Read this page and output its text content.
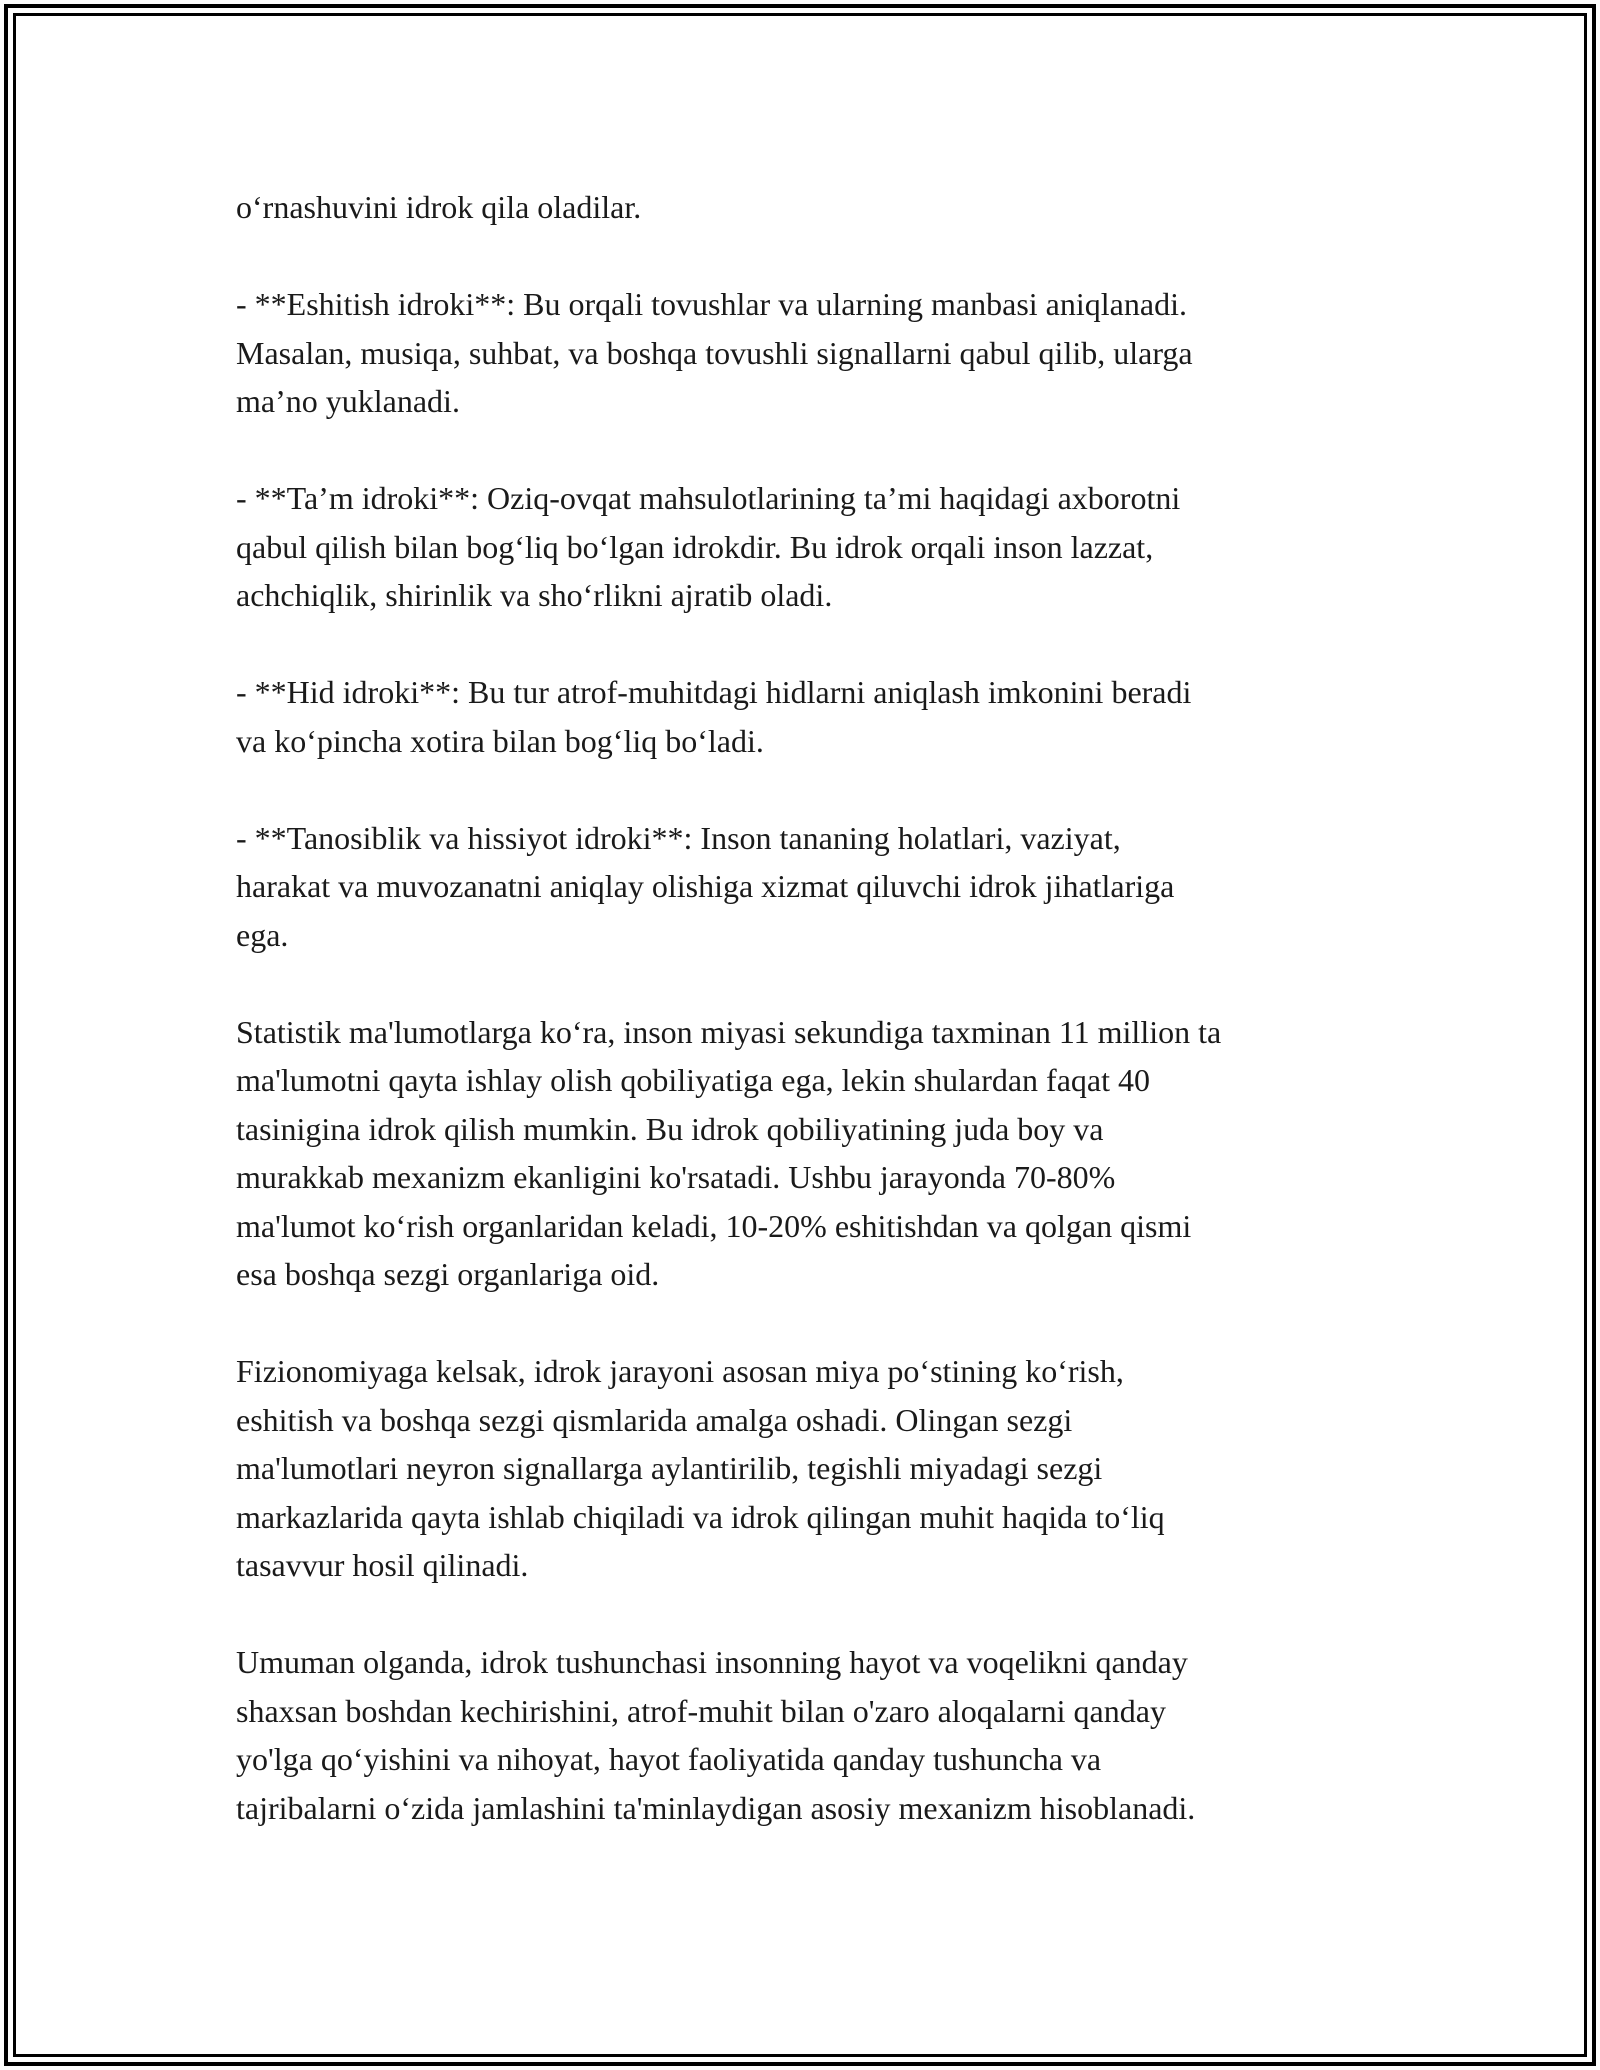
o‘rnashuvini idrok qila oladilar.

- **Eshitish idroki**: Bu orqali tovushlar va ularning manbasi aniqlanadi.
Masalan, musiqa, suhbat, va boshqa tovushli signallarni qabul qilib, ularga
ma’no yuklanadi.

- **Ta’m idroki**: Oziq-ovqat mahsulotlarining ta’mi haqidagi axborotni
qabul qilish bilan bog‘liq bo‘lgan idrokdir. Bu idrok orqali inson lazzat,
achchiqlik, shirinlik va sho‘rlikni ajratib oladi.

- **Hid idroki**: Bu tur atrof-muhitdagi hidlarni aniqlash imkonini beradi
va ko‘pincha xotira bilan bog‘liq bo‘ladi.

- **Tanosiblik va hissiyot idroki**: Inson tananing holatlari, vaziyat,
harakat va muvozanatni aniqlay olishiga xizmat qiluvchi idrok jihatlariga
ega.

Statistik ma'lumotlarga ko‘ra, inson miyasi sekundiga taxminan 11 million ta
ma'lumotni qayta ishlay olish qobiliyatiga ega, lekin shulardan faqat 40
tasinigina idrok qilish mumkin. Bu idrok qobiliyatining juda boy va
murakkab mexanizm ekanligini ko'rsatadi. Ushbu jarayonda 70-80%
ma'lumot ko‘rish organlaridan keladi, 10-20% eshitishdan va qolgan qismi
esa boshqa sezgi organlariga oid.

Fizionomiyaga kelsak, idrok jarayoni asosan miya po‘stining ko‘rish,
eshitish va boshqa sezgi qismlarida amalga oshadi. Olingan sezgi
ma'lumotlari neyron signallarga aylantirilib, tegishli miyadagi sezgi
markazlarida qayta ishlab chiqiladi va idrok qilingan muhit haqida to‘liq
tasavvur hosil qilinadi.

Umuman olganda, idrok tushunchasi insonning hayot va voqelikni qanday
shaxsan boshdan kechirishini, atrof-muhit bilan o'zaro aloqalarni qanday
yo'lga qo‘yishini va nihoyat, hayot faoliyatida qanday tushuncha va
tajribalarni o‘zida jamlashini ta'minlaydigan asosiy mexanizm hisoblanadi.
